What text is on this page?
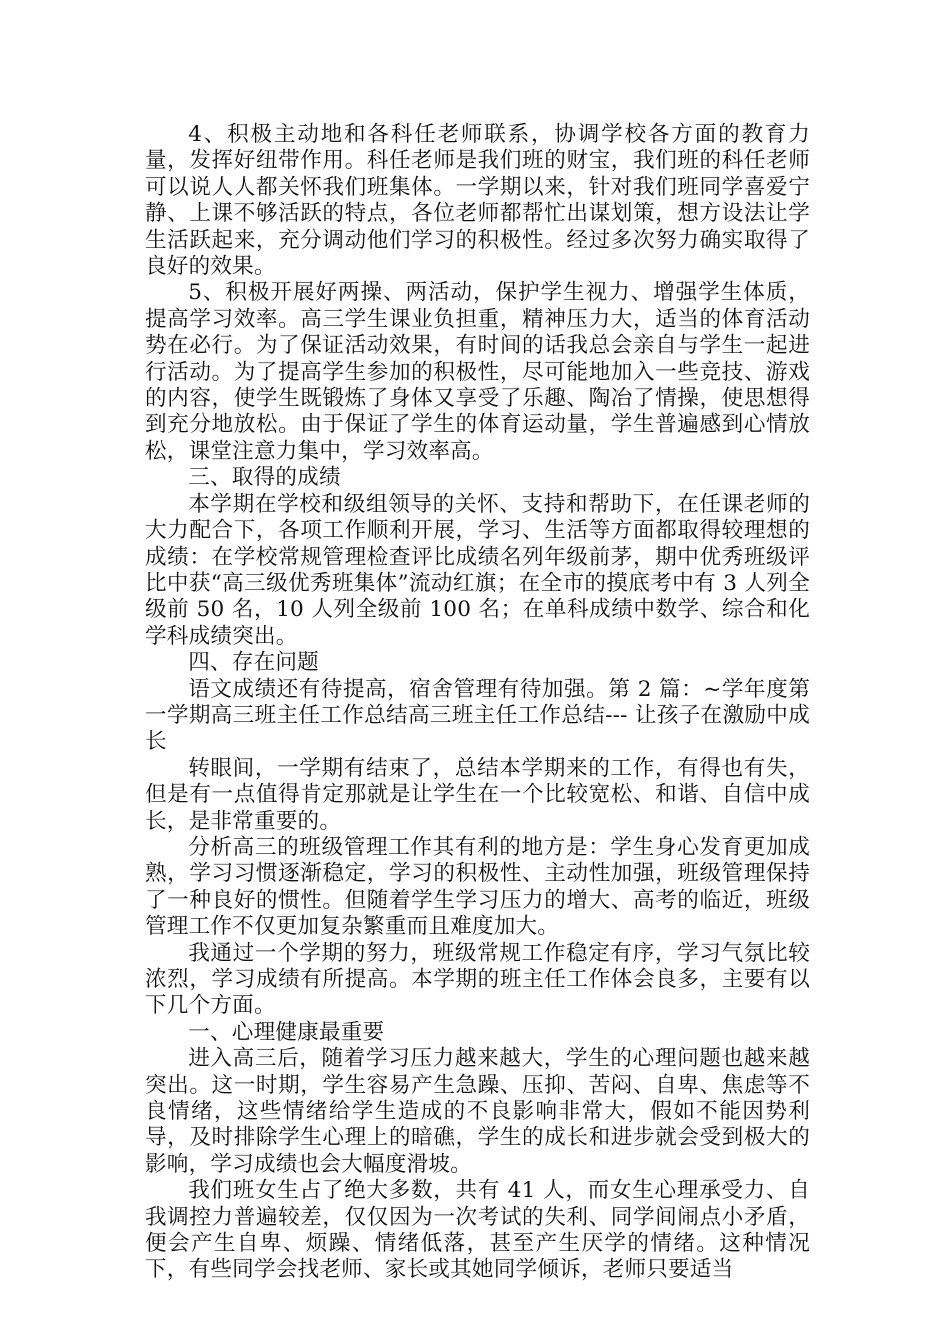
4、积极主动地和各科任老师联系，协调学校各方面的教育力量，发挥好纽带作用。科任老师是我们班的财宝，我们班的科任老师可以说人人都关怀我们班集体。一学期以来，针对我们班同学喜爱宁静、上课不够活跃的特点，各位老师都帮忙出谋划策，想方设法让学生活跃起来，充分调动他们学习的积极性。经过多次努力确实取得了良好的效果。

5、积极开展好两操、两活动，保护学生视力、增强学生体质，提高学习效率。高三学生课业负担重，精神压力大，适当的体育活动势在必行。为了保证活动效果，有时间的话我总会亲自与学生一起进行活动。为了提高学生参加的积极性，尽可能地加入一些竞技、游戏的内容，使学生既锻炼了身体又享受了乐趣、陶冶了情操，使思想得到充分地放松。由于保证了学生的体育运动量，学生普遍感到心情放松，课堂注意力集中，学习效率高。

三、取得的成绩

本学期在学校和级组领导的关怀、支持和帮助下，在任课老师的大力配合下，各项工作顺利开展，学习、生活等方面都取得较理想的成绩：在学校常规管理检查评比成绩名列年级前茅，期中优秀班级评比中获“高三级优秀班集体”流动红旗；在全市的摸底考中有 3 人列全级前 50 名，10 人列全级前 100 名；在单科成绩中数学、综合和化学科成绩突出。

四、存在问题

语文成绩还有待提高，宿舍管理有待加强。第 2 篇：~学年度第一学期高三班主任工作总结高三班主任工作总结--- 让孩子在激励中成长

转眼间，一学期有结束了，总结本学期来的工作，有得也有失，但是有一点值得肯定那就是让学生在一个比较宽松、和谐、自信中成长，是非常重要的。

分析高三的班级管理工作其有利的地方是：学生身心发育更加成熟，学习习惯逐渐稳定，学习的积极性、主动性加强，班级管理保持了一种良好的惯性。但随着学生学习压力的增大、高考的临近，班级管理工作不仅更加复杂繁重而且难度加大。

我通过一个学期的努力，班级常规工作稳定有序，学习气氛比较浓烈，学习成绩有所提高。本学期的班主任工作体会良多，主要有以下几个方面。

一、心理健康最重要

进入高三后，随着学习压力越来越大，学生的心理问题也越来越突出。这一时期，学生容易产生急躁、压抑、苦闷、自卑、焦虑等不良情绪，这些情绪给学生造成的不良影响非常大，假如不能因势利导，及时排除学生心理上的暗礁，学生的成长和进步就会受到极大的影响，学习成绩也会大幅度滑坡。

我们班女生占了绝大多数，共有 41 人，而女生心理承受力、自我调控力普遍较差，仅仅因为一次考试的失利、同学间闹点小矛盾，便会产生自卑、烦躁、情绪低落，甚至产生厌学的情绪。这种情况下，有些同学会找老师、家长或其她同学倾诉，老师只要适当
